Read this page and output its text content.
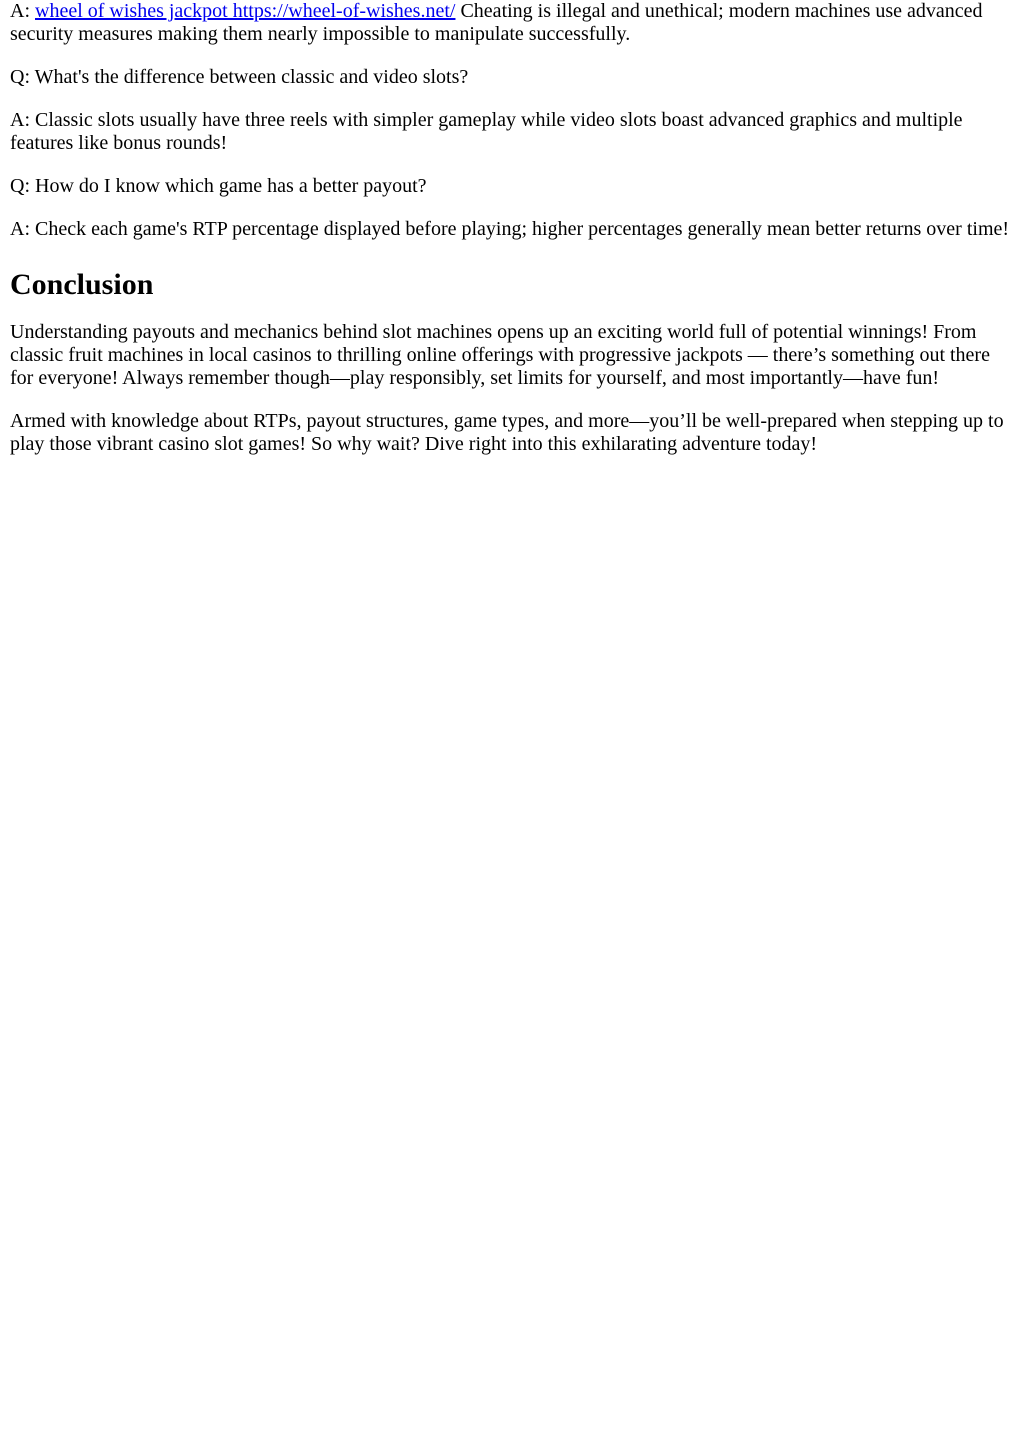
A: wheel of wishes jackpot https://wheel-of-wishes.net/ Cheating is illegal and unethical; modern machines use advanced security measures making them nearly impossible to manipulate successfully.

Q: What's the difference between classic and video slots?

A: Classic slots usually have three reels with simpler gameplay while video slots boast advanced graphics and multiple features like bonus rounds!

Q: How do I know which game has a better payout?

A: Check each game's RTP percentage displayed before playing; higher percentages generally mean better returns over time!

Conclusion

Understanding payouts and mechanics behind slot machines opens up an exciting world full of potential winnings! From classic fruit machines in local casinos to thrilling online offerings with progressive jackpots — there’s something out there for everyone! Always remember though—play responsibly, set limits for yourself, and most importantly—have fun!

Armed with knowledge about RTPs, payout structures, game types, and more—you’ll be well-prepared when stepping up to play those vibrant casino slot games! So why wait? Dive right into this exhilarating adventure today!
